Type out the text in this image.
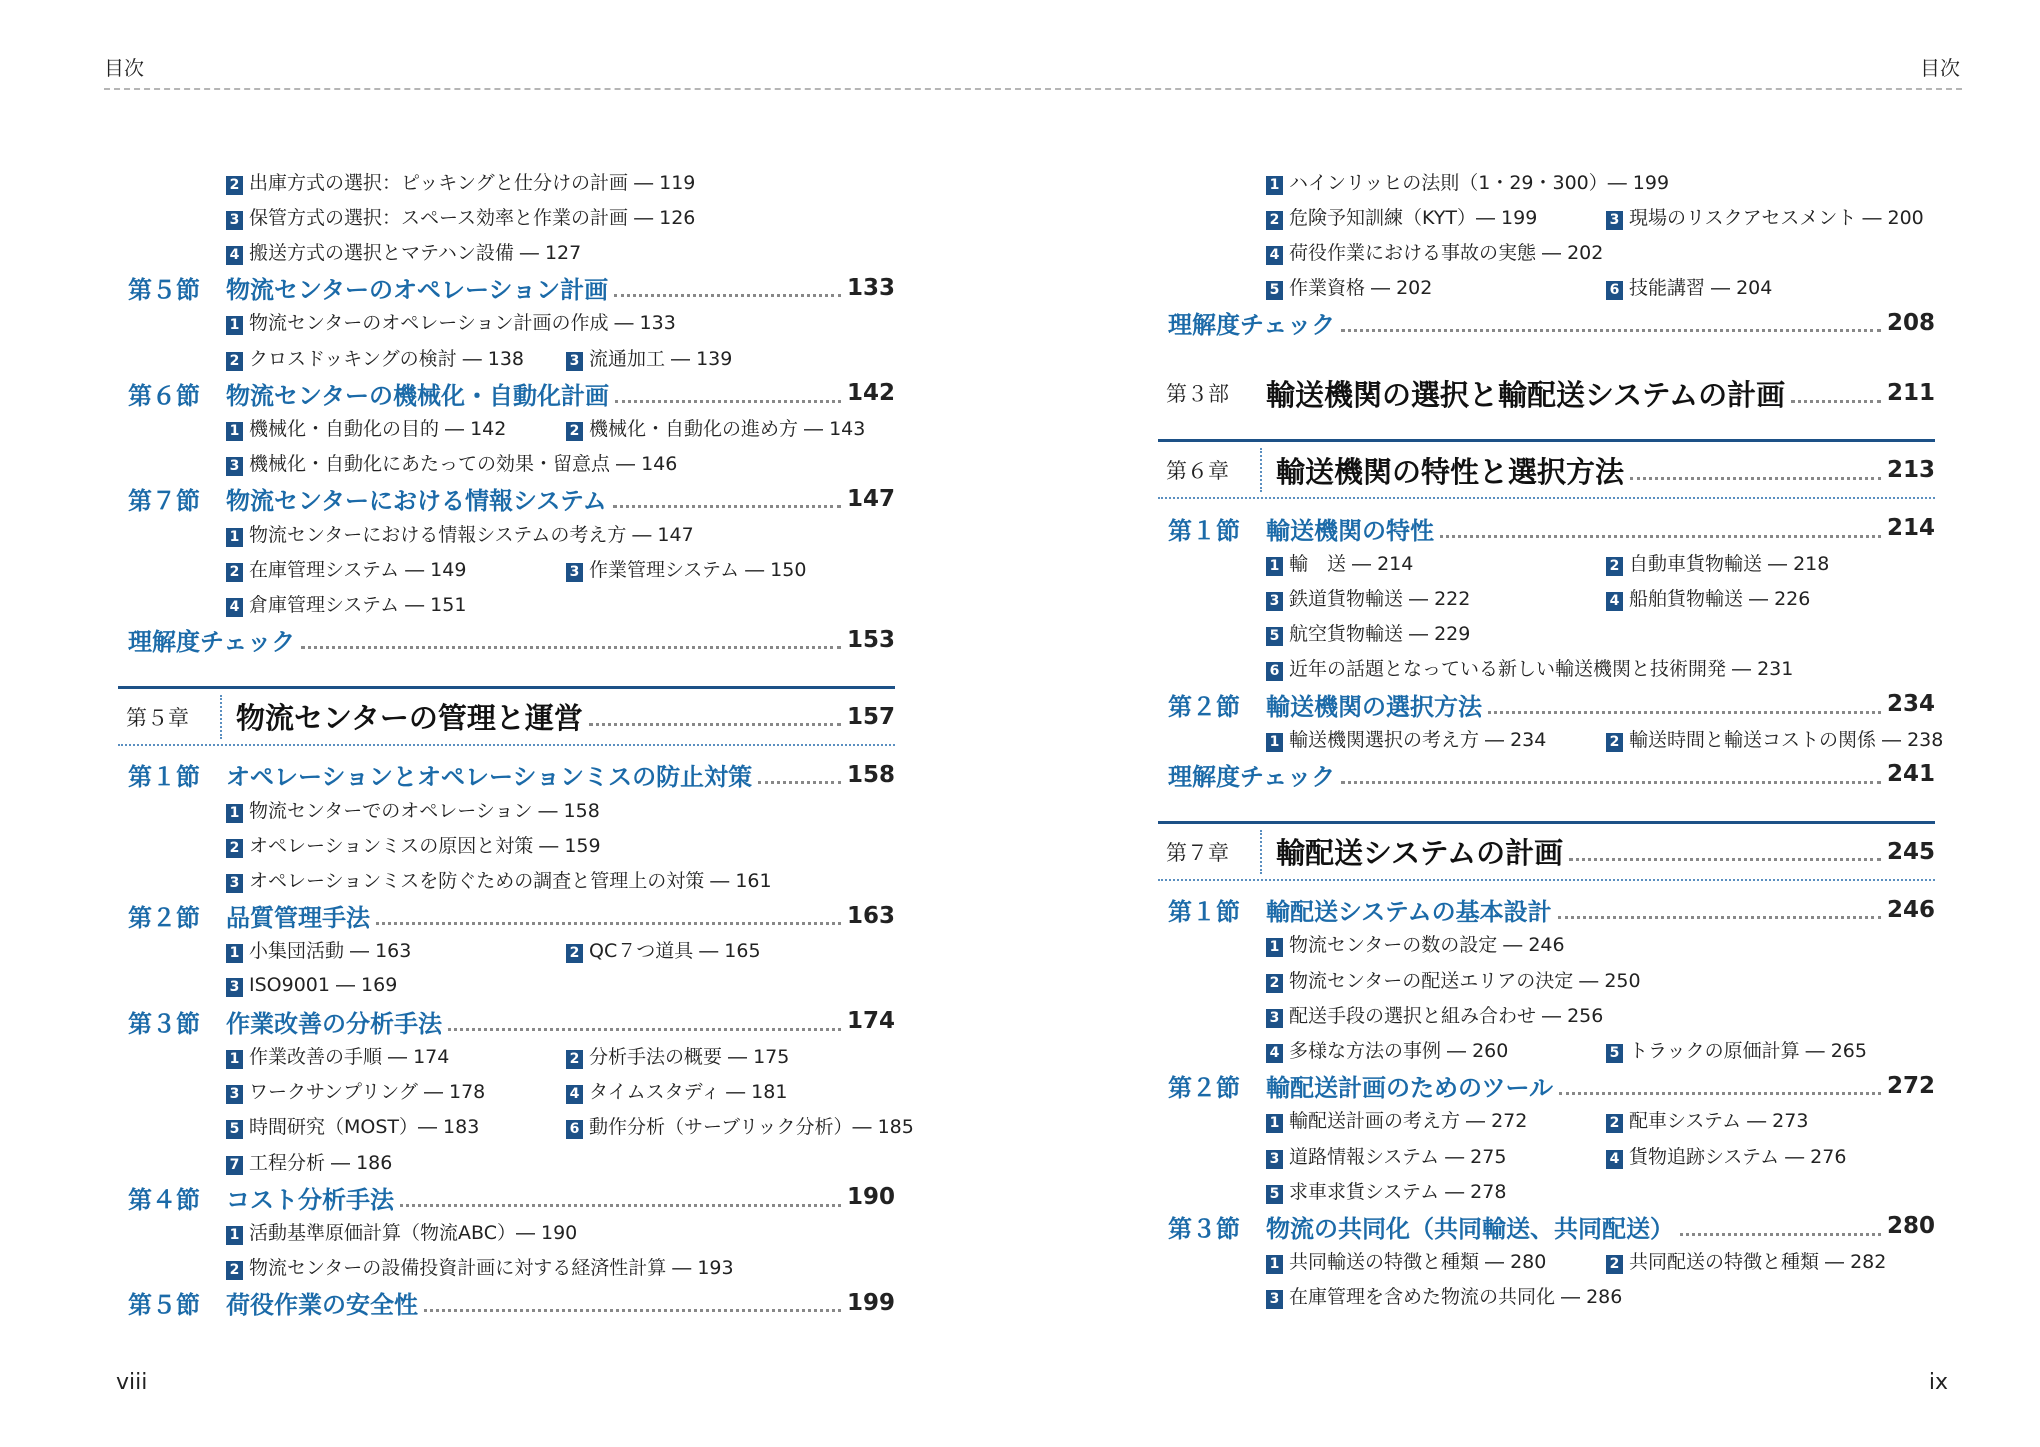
目次
2 出庫方式の選択：ピッキングと仕分けの計画 ― 119
3 保管方式の選択：スペース効率と作業の計画 ― 126
4 搬送方式の選択とマテハン設備 ― 127
第５節	物流センターのオペレーション計画	133
1 物流センターのオペレーション計画の作成 ― 133
2 クロスドッキングの検討 ― 138	3 流通加工 ― 139
第６節	物流センターの機械化・自動化計画	142
1 機械化・自動化の目的 ― 142	2 機械化・自動化の進め方 ― 143
3 機械化・自動化にあたっての効果・留意点 ― 146
第７節	物流センターにおける情報システム	147
1 物流センターにおける情報システムの考え方 ― 147
2 在庫管理システム ― 149	3 作業管理システム ― 150
4 倉庫管理システム ― 151
理解度チェック	153
第５章	物流センターの管理と運営	157
第１節	オペレーションとオペレーションミスの防止対策	158
1 物流センターでのオペレーション ― 158
2 オペレーションミスの原因と対策 ― 159
3 オペレーションミスを防ぐための調査と管理上の対策 ― 161
第２節	品質管理手法	163
1 小集団活動 ― 163	2 QC７つ道具 ― 165
3 ISO9001 ― 169
第３節	作業改善の分析手法	174
1 作業改善の手順 ― 174	2 分析手法の概要 ― 175
3 ワークサンプリング ― 178	4 タイムスタディ ― 181
5 時間研究（MOST）― 183	6 動作分析（サーブリック分析）― 185
7 工程分析 ― 186
第４節	コスト分析手法	190
1 活動基準原価計算（物流ABC）― 190
2 物流センターの設備投資計画に対する経済性計算 ― 193
第５節	荷役作業の安全性	199
viii
目次
1 ハインリッヒの法則（1・29・300）― 199
2 危険予知訓練（KYT）― 199	3 現場のリスクアセスメント ― 200
4 荷役作業における事故の実態 ― 202
5 作業資格 ― 202	6 技能講習 ― 204
理解度チェック	208
第３部	輸送機関の選択と輸配送システムの計画	211
第６章	輸送機関の特性と選択方法	213
第１節	輸送機関の特性	214
1 輸　送 ― 214	2 自動車貨物輸送 ― 218
3 鉄道貨物輸送 ― 222	4 船舶貨物輸送 ― 226
5 航空貨物輸送 ― 229
6 近年の話題となっている新しい輸送機関と技術開発 ― 231
第２節	輸送機関の選択方法	234
1 輸送機関選択の考え方 ― 234	2 輸送時間と輸送コストの関係 ― 238
理解度チェック	241
第７章	輸配送システムの計画	245
第１節	輸配送システムの基本設計	246
1 物流センターの数の設定 ― 246
2 物流センターの配送エリアの決定 ― 250
3 配送手段の選択と組み合わせ ― 256
4 多様な方法の事例 ― 260	5 トラックの原価計算 ― 265
第２節	輸配送計画のためのツール	272
1 輸配送計画の考え方 ― 272	2 配車システム ― 273
3 道路情報システム ― 275	4 貨物追跡システム ― 276
5 求車求貨システム ― 278
第３節	物流の共同化（共同輸送、共同配送）	280
1 共同輸送の特徴と種類 ― 280	2 共同配送の特徴と種類 ― 282
3 在庫管理を含めた物流の共同化 ― 286
ix
